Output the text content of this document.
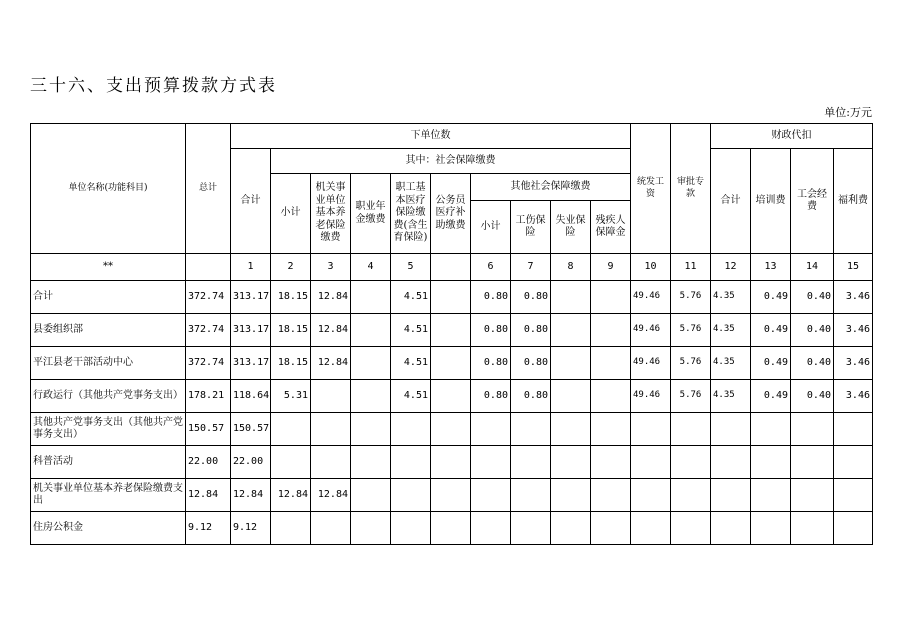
三十六、支出预算拨款方式表
单位:万元
单位名称(功能科目)	总计	下单位数										统发工资	审批专款	财政代扣			
		合计	其中：社会保障缴费											合计	培训费	工会经费	福利费
			小计	机关事业单位基本养老保险缴费	职业年金缴费	职工基本医疗保险缴费(含生育保险)	公务员医疗补助缴费	其他社会保障缴费									
								小计	工伤保险	失业保险	残疾人保障金						
**		1	2	3	4	5		6	7	8	9	10	11	12	13	14	15
合计	372.74	313.17	18.15	12.84		4.51		0.80	0.80			49.46	5.76	4.35	0.49	0.40	3.46
县委组织部	372.74	313.17	18.15	12.84		4.51		0.80	0.80			49.46	5.76	4.35	0.49	0.40	3.46
平江县老干部活动中心	372.74	313.17	18.15	12.84		4.51		0.80	0.80			49.46	5.76	4.35	0.49	0.40	3.46
行政运行（其他共产党事务支出）	178.21	118.64	5.31			4.51		0.80	0.80			49.46	5.76	4.35	0.49	0.40	3.46
其他共产党事务支出（其他共产党事务支出）	150.57	150.57															
科普活动	22.00	22.00															
机关事业单位基本养老保险缴费支出	12.84	12.84	12.84	12.84													
住房公积金	9.12	9.12															
